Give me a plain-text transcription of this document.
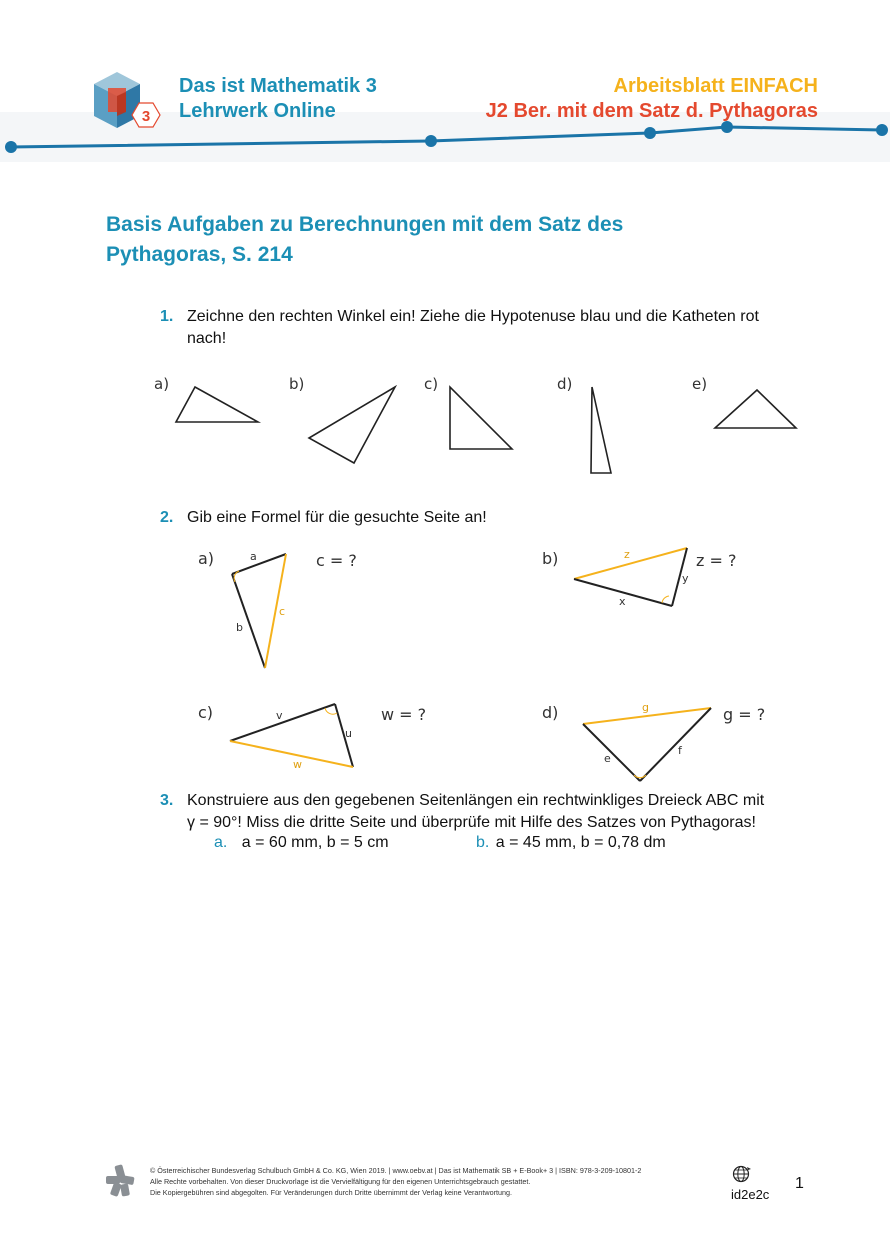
3
Das ist Mathematik 3
Lehrwerk Online
Arbeitsblatt EINFACH
J2 Ber. mit dem Satz d. Pythagoras
Basis Aufgaben zu Berechnungen mit dem Satz des Pythagoras, S. 214
1. Zeichne den rechten Winkel ein! Ziehe die Hypotenuse blau und die Katheten rot nach!
a)	b)	c)	d)	e)
2. Gib eine Formel für die gesuchte Seite an!
a)	c = ?	b)	z = ?
c)	w = ?	d)	g = ?
a
b
c
z
y
x
v
u
w
g
e
f
3. Konstruiere aus den gegebenen Seitenlängen ein rechtwinkliges Dreieck ABC mit
γ = 90°! Miss die dritte Seite und überprüfe mit Hilfe des Satzes von Pythagoras!
a. a = 60 mm, b = 5 cm	b. a = 45 mm, b = 0,78 dm
© Österreichischer Bundesverlag Schulbuch GmbH & Co. KG, Wien 2019. | www.oebv.at | Das ist Mathematik SB + E-Book+ 3 | ISBN: 978-3-209-10801-2
Alle Rechte vorbehalten. Von dieser Druckvorlage ist die Vervielfältigung für den eigenen Unterrichtsgebrauch gestattet.
Die Kopiergebühren sind abgegolten. Für Veränderungen durch Dritte übernimmt der Verlag keine Verantwortung.	id2e2c
1
